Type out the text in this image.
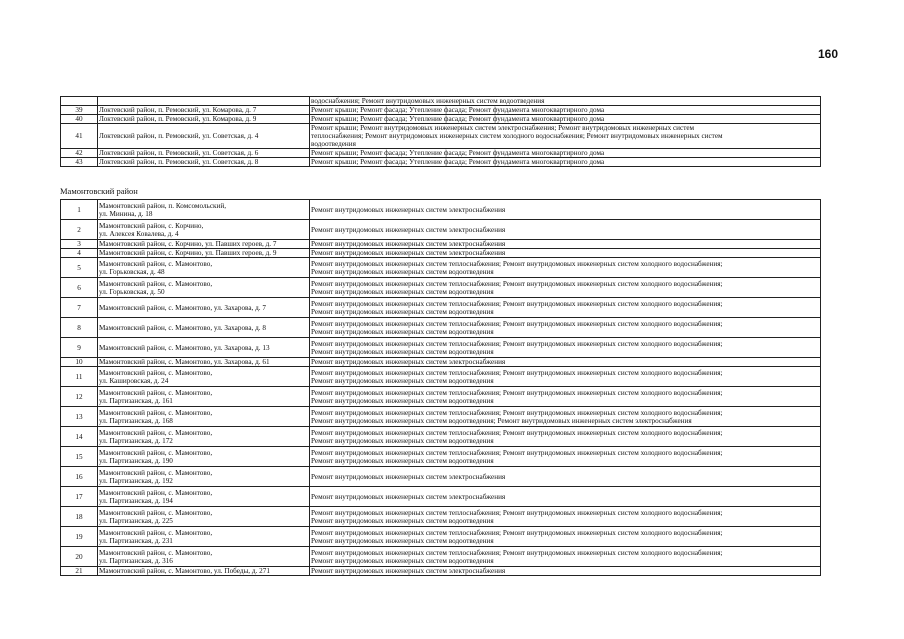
160
		водоснабжения; Ремонт внутридомовых инженерных систем водоотведения
39	Локтевский район, п. Ремовский, ул. Комарова, д. 7	Ремонт крыши; Ремонт фасада; Утепление фасада; Ремонт фундамента многоквартирного дома
40	Локтевский район, п. Ремовский, ул. Комарова, д. 9	Ремонт крыши; Ремонт фасада; Утепление фасада; Ремонт фундамента многоквартирного дома
41	Локтевский район, п. Ремовский, ул. Советская, д. 4	Ремонт крыши; Ремонт внутридомовых инженерных систем электроснабжения; Ремонт внутридомовых инженерных систем
теплоснабжения; Ремонт внутридомовых инженерных систем холодного водоснабжения; Ремонт внутридомовых инженерных систем
водоотведения
42	Локтевский район, п. Ремовский, ул. Советская, д. 6	Ремонт крыши; Ремонт фасада; Утепление фасада; Ремонт фундамента многоквартирного дома
43	Локтевский район, п. Ремовский, ул. Советская, д. 8	Ремонт крыши; Ремонт фасада; Утепление фасада; Ремонт фундамента многоквартирного дома
Мамонтовский район
1	Мамонтовский район, п. Комсомольский,
ул. Минина, д. 18	Ремонт внутридомовых инженерных систем электроснабжения
2	Мамонтовский район, с. Корчино,
ул. Алексея Ковалева, д. 4	Ремонт внутридомовых инженерных систем электроснабжения
3	Мамонтовский район, с. Корчино, ул. Павших героев, д. 7	Ремонт внутридомовых инженерных систем электроснабжения
4	Мамонтовский район, с. Корчино, ул. Павших героев, д. 9	Ремонт внутридомовых инженерных систем электроснабжения
5	Мамонтовский район, с. Мамонтово,
ул. Горьковская, д. 48	Ремонт внутридомовых инженерных систем теплоснабжения; Ремонт внутридомовых инженерных систем холодного водоснабжения;
Ремонт внутридомовых инженерных систем водоотведения
6	Мамонтовский район, с. Мамонтово,
ул. Горьковская, д. 50	Ремонт внутридомовых инженерных систем теплоснабжения; Ремонт внутридомовых инженерных систем холодного водоснабжения;
Ремонт внутридомовых инженерных систем водоотведения
7	Мамонтовский район, с. Мамонтово, ул. Захарова, д. 7	Ремонт внутридомовых инженерных систем теплоснабжения; Ремонт внутридомовых инженерных систем холодного водоснабжения;
Ремонт внутридомовых инженерных систем водоотведения
8	Мамонтовский район, с. Мамонтово, ул. Захарова, д. 8	Ремонт внутридомовых инженерных систем теплоснабжения; Ремонт внутридомовых инженерных систем холодного водоснабжения;
Ремонт внутридомовых инженерных систем водоотведения
9	Мамонтовский район, с. Мамонтово, ул. Захарова, д. 13	Ремонт внутридомовых инженерных систем теплоснабжения; Ремонт внутридомовых инженерных систем холодного водоснабжения;
Ремонт внутридомовых инженерных систем водоотведения
10	Мамонтовский район, с. Мамонтово, ул. Захарова, д. 61	Ремонт внутридомовых инженерных систем электроснабжения
11	Мамонтовский район, с. Мамонтово,
ул. Кашировская, д. 24	Ремонт внутридомовых инженерных систем теплоснабжения; Ремонт внутридомовых инженерных систем холодного водоснабжения;
Ремонт внутридомовых инженерных систем водоотведения
12	Мамонтовский район, с. Мамонтово,
ул. Партизанская, д. 161	Ремонт внутридомовых инженерных систем теплоснабжения; Ремонт внутридомовых инженерных систем холодного водоснабжения;
Ремонт внутридомовых инженерных систем водоотведения
13	Мамонтовский район, с. Мамонтово,
ул. Партизанская, д. 168	Ремонт внутридомовых инженерных систем теплоснабжения; Ремонт внутридомовых инженерных систем холодного водоснабжения;
Ремонт внутридомовых инженерных систем водоотведения; Ремонт внутридомовых инженерных систем электроснабжения
14	Мамонтовский район, с. Мамонтово,
ул. Партизанская, д. 172	Ремонт внутридомовых инженерных систем теплоснабжения; Ремонт внутридомовых инженерных систем холодного водоснабжения;
Ремонт внутридомовых инженерных систем водоотведения
15	Мамонтовский район, с. Мамонтово,
ул. Партизанская, д. 190	Ремонт внутридомовых инженерных систем теплоснабжения; Ремонт внутридомовых инженерных систем холодного водоснабжения;
Ремонт внутридомовых инженерных систем водоотведения
16	Мамонтовский район, с. Мамонтово,
ул. Партизанская, д. 192	Ремонт внутридомовых инженерных систем электроснабжения
17	Мамонтовский район, с. Мамонтово,
ул. Партизанская, д. 194	Ремонт внутридомовых инженерных систем электроснабжения
18	Мамонтовский район, с. Мамонтово,
ул. Партизанская, д. 225	Ремонт внутридомовых инженерных систем теплоснабжения; Ремонт внутридомовых инженерных систем холодного водоснабжения;
Ремонт внутридомовых инженерных систем водоотведения
19	Мамонтовский район, с. Мамонтово,
ул. Партизанская, д. 231	Ремонт внутридомовых инженерных систем теплоснабжения; Ремонт внутридомовых инженерных систем холодного водоснабжения;
Ремонт внутридомовых инженерных систем водоотведения
20	Мамонтовский район, с. Мамонтово,
ул. Партизанская, д. 316	Ремонт внутридомовых инженерных систем теплоснабжения; Ремонт внутридомовых инженерных систем холодного водоснабжения;
Ремонт внутридомовых инженерных систем водоотведения
21	Мамонтовский район, с. Мамонтово, ул. Победы, д. 271	Ремонт внутридомовых инженерных систем электроснабжения
